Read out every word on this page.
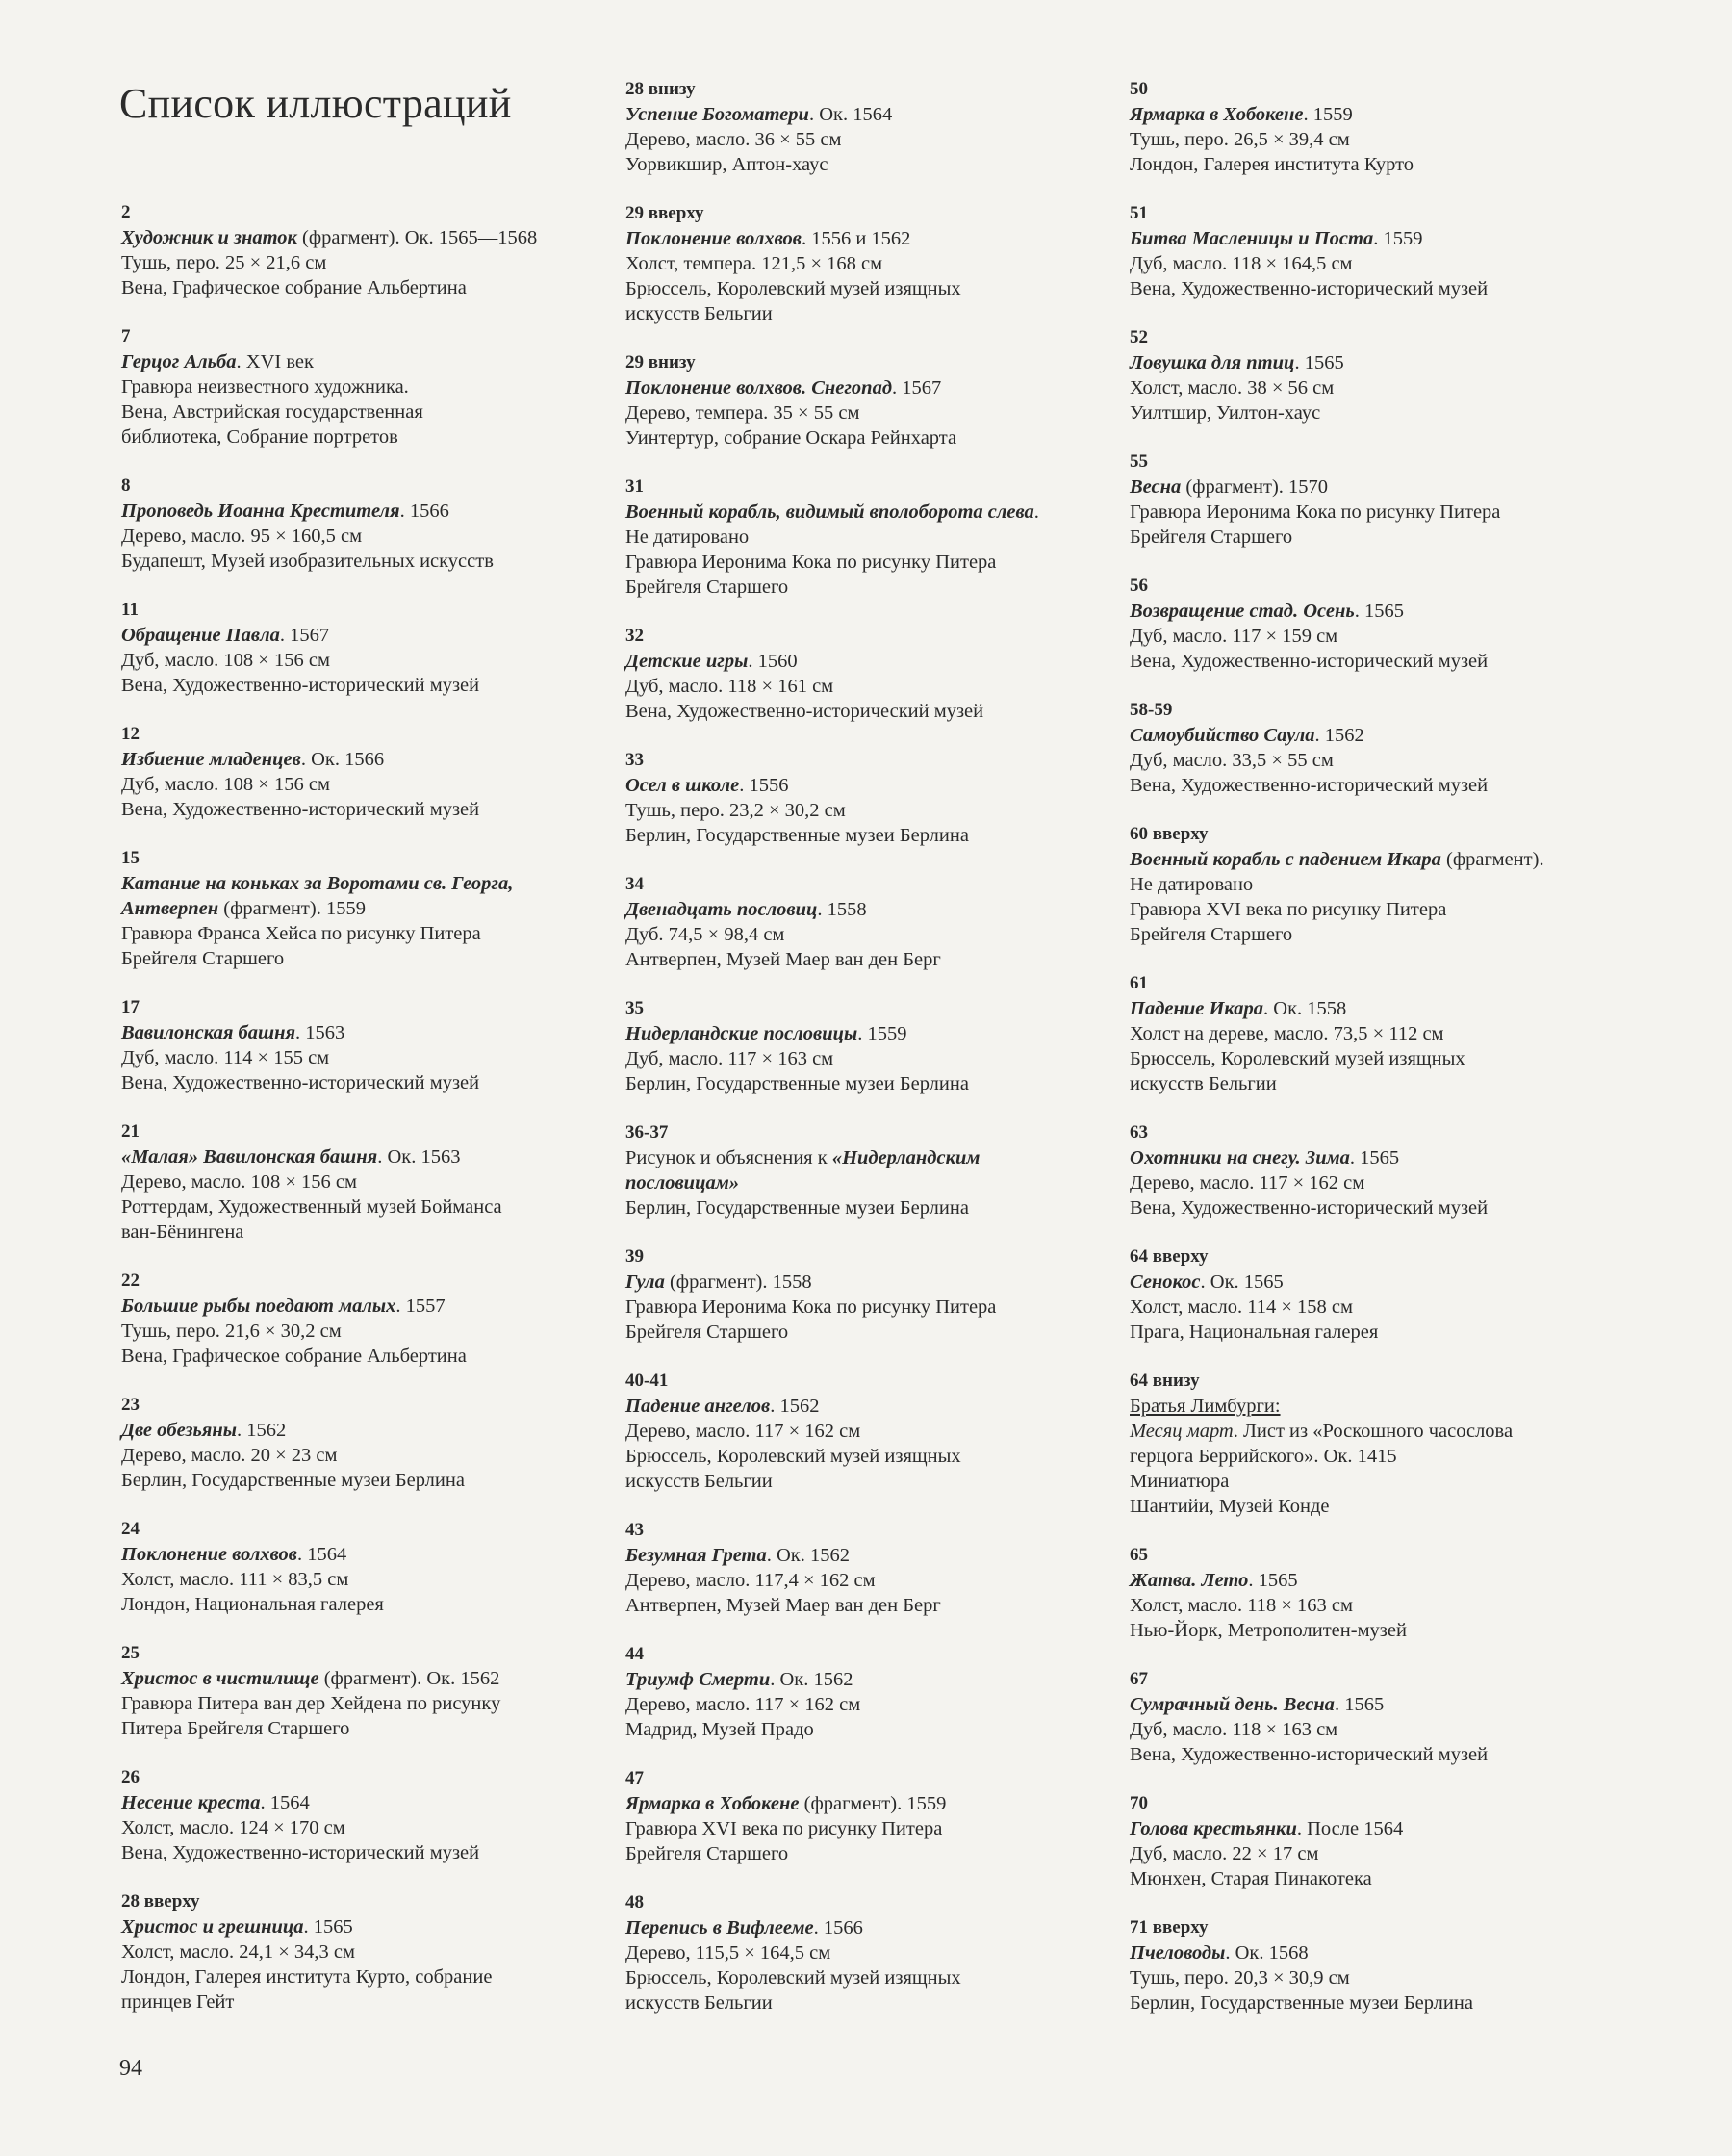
Список иллюстраций
2
Художник и знаток (фрагмент). Ок. 1565—1568
Тушь, перо. 25 × 21,6 см
Вена, Графическое собрание Альбертина
7
Герцог Альба. XVI век
Гравюра неизвестного художника.
Вена, Австрийская государственная
библиотека, Собрание портретов
8
Проповедь Иоанна Крестителя. 1566
Дерево, масло. 95 × 160,5 см
Будапешт, Музей изобразительных искусств
11
Обращение Павла. 1567
Дуб, масло. 108 × 156 см
Вена, Художественно-исторический музей
12
Избиение младенцев. Ок. 1566
Дуб, масло. 108 × 156 см
Вена, Художественно-исторический музей
15
Катание на коньках за Воротами св. Георга,
Антверпен (фрагмент). 1559
Гравюра Франса Хейса по рисунку Питера
Брейгеля Старшего
17
Вавилонская башня. 1563
Дуб, масло. 114 × 155 см
Вена, Художественно-исторический музей
21
«Малая» Вавилонская башня. Ок. 1563
Дерево, масло. 108 × 156 см
Роттердам, Художественный музей Бойманса
ван-Бёнингена
22
Большие рыбы поедают малых. 1557
Тушь, перо. 21,6 × 30,2 см
Вена, Графическое собрание Альбертина
23
Две обезьяны. 1562
Дерево, масло. 20 × 23 см
Берлин, Государственные музеи Берлина
24
Поклонение волхвов. 1564
Холст, масло. 111 × 83,5 см
Лондон, Национальная галерея
25
Христос в чистилище (фрагмент). Ок. 1562
Гравюра Питера ван дер Хейдена по рисунку
Питера Брейгеля Старшего
26
Несение креста. 1564
Холст, масло. 124 × 170 см
Вена, Художественно-исторический музей
28 вверху
Христос и грешница. 1565
Холст, масло. 24,1 × 34,3 см
Лондон, Галерея института Курто, собрание
принцев Гейт
28 внизу
Успение Богоматери. Ок. 1564
Дерево, масло. 36 × 55 см
Уорвикшир, Аптон-хаус
29 вверху
Поклонение волхвов. 1556 и 1562
Холст, темпера. 121,5 × 168 см
Брюссель, Королевский музей изящных
искусств Бельгии
29 внизу
Поклонение волхвов. Снегопад. 1567
Дерево, темпера. 35 × 55 см
Уинтертур, собрание Оскара Рейнхарта
31
Военный корабль, видимый вполоборота слева.
Не датировано
Гравюра Иеронима Кока по рисунку Питера
Брейгеля Старшего
32
Детские игры. 1560
Дуб, масло. 118 × 161 см
Вена, Художественно-исторический музей
33
Осел в школе. 1556
Тушь, перо. 23,2 × 30,2 см
Берлин, Государственные музеи Берлина
34
Двенадцать пословиц. 1558
Дуб. 74,5 × 98,4 см
Антверпен, Музей Маер ван ден Берг
35
Нидерландские пословицы. 1559
Дуб, масло. 117 × 163 см
Берлин, Государственные музеи Берлина
36-37
Рисунок и объяснения к «Нидерландским
пословицам»
Берлин, Государственные музеи Берлина
39
Гула (фрагмент). 1558
Гравюра Иеронима Кока по рисунку Питера
Брейгеля Старшего
40-41
Падение ангелов. 1562
Дерево, масло. 117 × 162 см
Брюссель, Королевский музей изящных
искусств Бельгии
43
Безумная Грета. Ок. 1562
Дерево, масло. 117,4 × 162 см
Антверпен, Музей Маер ван ден Берг
44
Триумф Смерти. Ок. 1562
Дерево, масло. 117 × 162 см
Мадрид, Музей Прадо
47
Ярмарка в Хобокене (фрагмент). 1559
Гравюра XVI века по рисунку Питера
Брейгеля Старшего
48
Перепись в Вифлееме. 1566
Дерево, 115,5 × 164,5 см
Брюссель, Королевский музей изящных
искусств Бельгии
50
Ярмарка в Хобокене. 1559
Тушь, перо. 26,5 × 39,4 см
Лондон, Галерея института Курто
51
Битва Масленицы и Поста. 1559
Дуб, масло. 118 × 164,5 см
Вена, Художественно-исторический музей
52
Ловушка для птиц. 1565
Холст, масло. 38 × 56 см
Уилтшир, Уилтон-хаус
55
Весна (фрагмент). 1570
Гравюра Иеронима Кока по рисунку Питера
Брейгеля Старшего
56
Возвращение стад. Осень. 1565
Дуб, масло. 117 × 159 см
Вена, Художественно-исторический музей
58-59
Самоубийство Саула. 1562
Дуб, масло. 33,5 × 55 см
Вена, Художественно-исторический музей
60 вверху
Военный корабль с падением Икара (фрагмент).
Не датировано
Гравюра XVI века по рисунку Питера
Брейгеля Старшего
61
Падение Икара. Ок. 1558
Холст на дереве, масло. 73,5 × 112 см
Брюссель, Королевский музей изящных
искусств Бельгии
63
Охотники на снегу. Зима. 1565
Дерево, масло. 117 × 162 см
Вена, Художественно-исторический музей
64 вверху
Сенокос. Ок. 1565
Холст, масло. 114 × 158 см
Прага, Национальная галерея
64 внизу
Братья Лимбурги:
Месяц март. Лист из «Роскошного часослова
герцога Беррийского». Ок. 1415
Миниатюра
Шантийи, Музей Конде
65
Жатва. Лето. 1565
Холст, масло. 118 × 163 см
Нью-Йорк, Метрополитен-музей
67
Сумрачный день. Весна. 1565
Дуб, масло. 118 × 163 см
Вена, Художественно-исторический музей
70
Голова крестьянки. После 1564
Дуб, масло. 22 × 17 см
Мюнхен, Старая Пинакотека
71 вверху
Пчеловоды. Ок. 1568
Тушь, перо. 20,3 × 30,9 см
Берлин, Государственные музеи Берлина
94
